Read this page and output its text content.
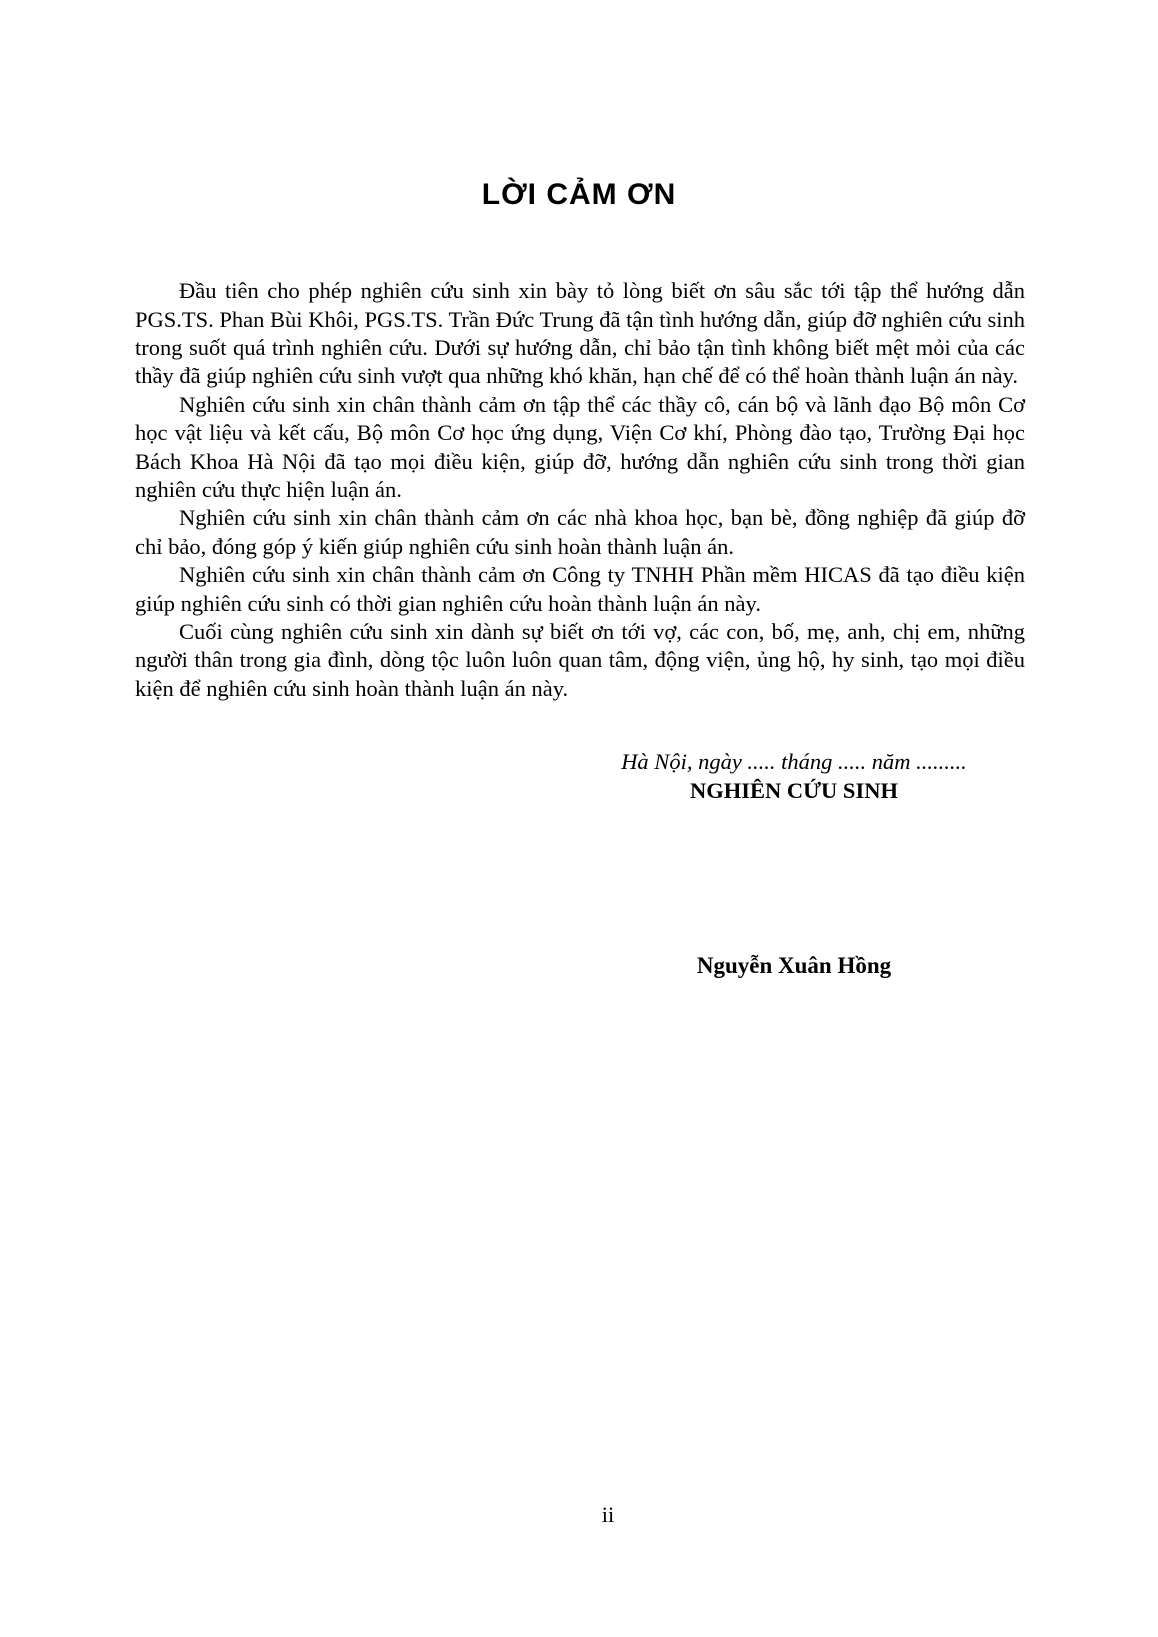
LỜI CẢM ƠN

Đầu tiên cho phép nghiên cứu sinh xin bày tỏ lòng biết ơn sâu sắc tới tập thể hướng dẫn PGS.TS. Phan Bùi Khôi, PGS.TS. Trần Đức Trung đã tận tình hướng dẫn, giúp đỡ nghiên cứu sinh trong suốt quá trình nghiên cứu. Dưới sự hướng dẫn, chỉ bảo tận tình không biết mệt mỏi của các thầy đã giúp nghiên cứu sinh vượt qua những khó khăn, hạn chế để có thể hoàn thành luận án này.

Nghiên cứu sinh xin chân thành cảm ơn tập thể các thầy cô, cán bộ và lãnh đạo Bộ môn Cơ học vật liệu và kết cấu, Bộ môn Cơ học ứng dụng, Viện Cơ khí, Phòng đào tạo, Trường Đại học Bách Khoa Hà Nội đã tạo mọi điều kiện, giúp đỡ, hướng dẫn nghiên cứu sinh trong thời gian nghiên cứu thực hiện luận án.

Nghiên cứu sinh xin chân thành cảm ơn các nhà khoa học, bạn bè, đồng nghiệp đã giúp đỡ chỉ bảo, đóng góp ý kiến giúp nghiên cứu sinh hoàn thành luận án.

Nghiên cứu sinh xin chân thành cảm ơn Công ty TNHH Phần mềm HICAS đã tạo điều kiện giúp nghiên cứu sinh có thời gian nghiên cứu hoàn thành luận án này.

Cuối cùng nghiên cứu sinh xin dành sự biết ơn tới vợ, các con, bố, mẹ, anh, chị em, những người thân trong gia đình, dòng tộc luôn luôn quan tâm, động viện, ủng hộ, hy sinh, tạo mọi điều kiện để nghiên cứu sinh hoàn thành luận án này.

Hà Nội, ngày ..... tháng ..... năm .........
NGHIÊN CỨU SINH
Nguyễn Xuân Hồng
ii
